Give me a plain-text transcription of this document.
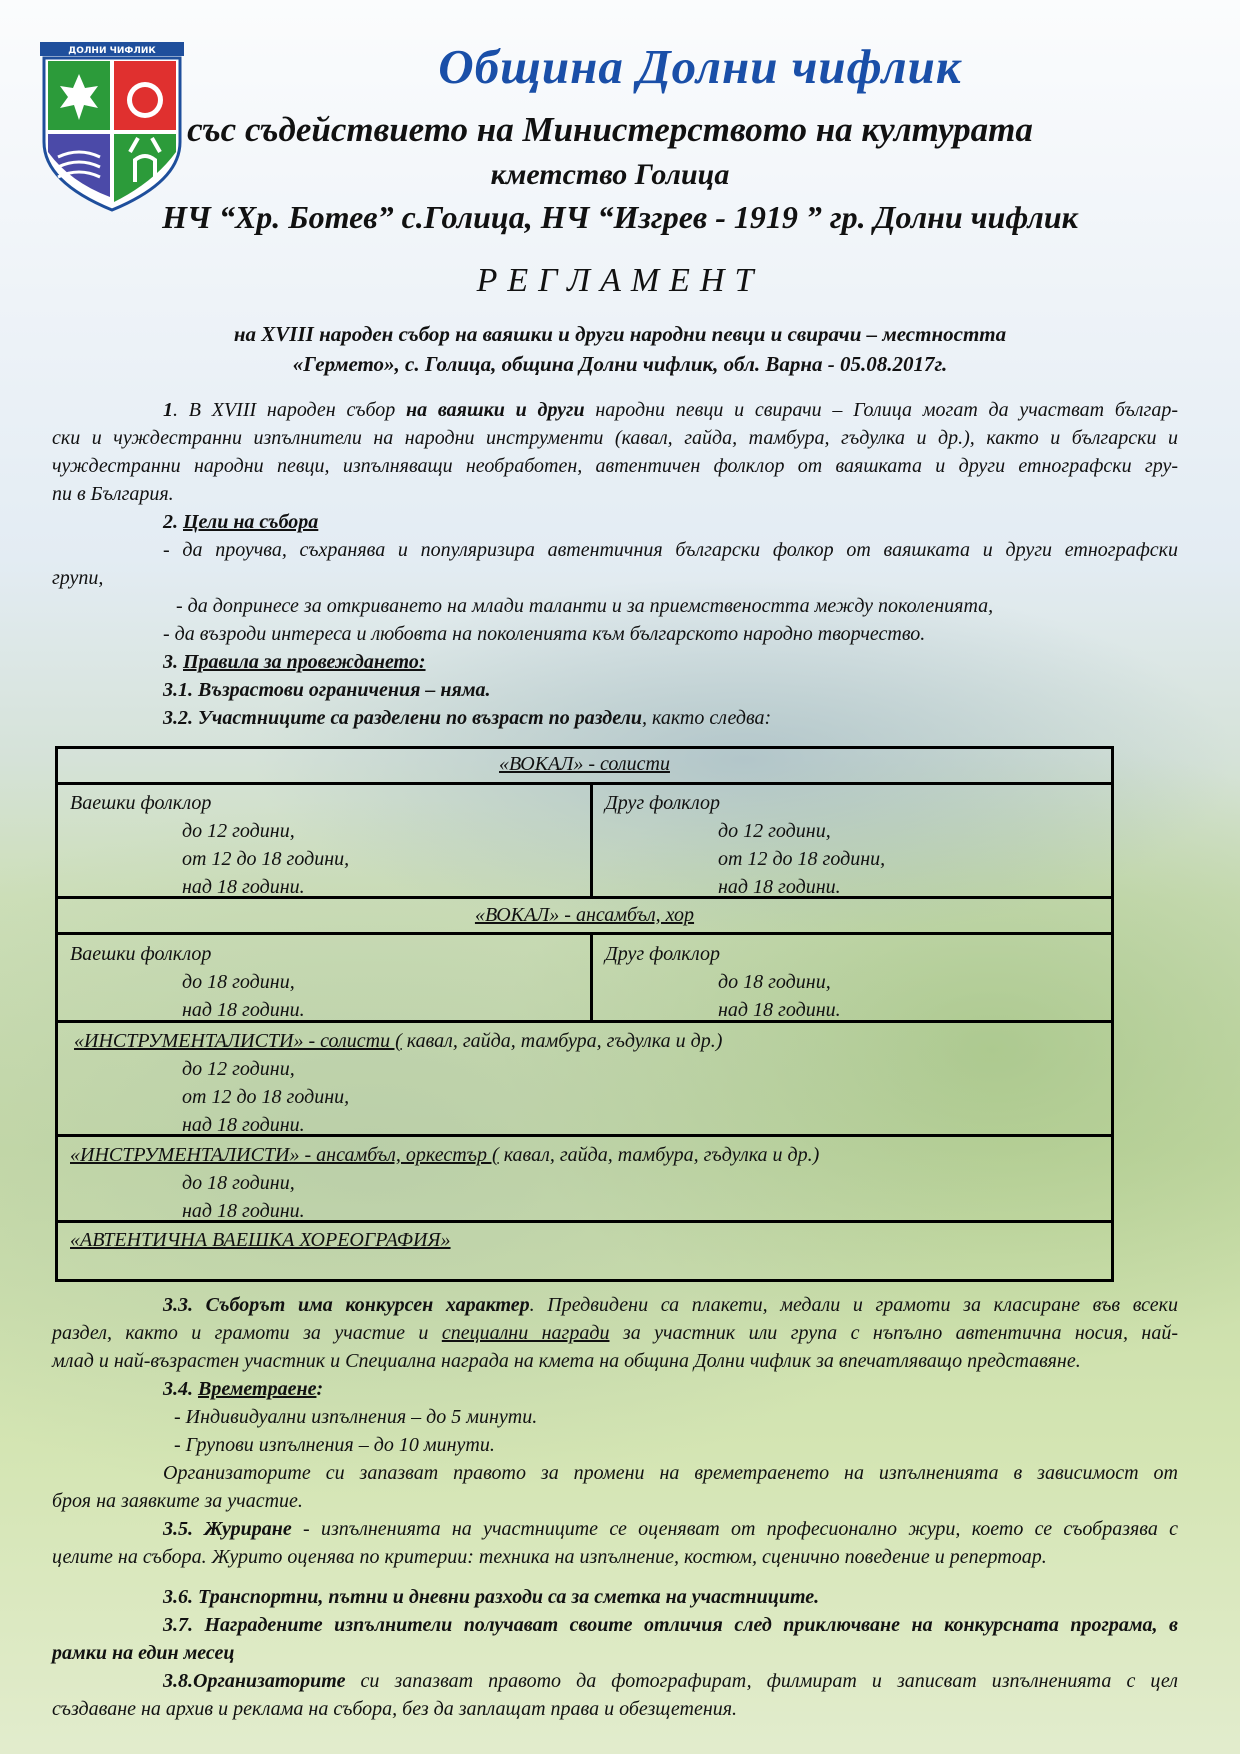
ДОЛНИ ЧИФЛИК	Община Долни чифлик
със съдействието на Министерството на културата
кметство Голица
НЧ “Хр. Ботев” с.Голица, НЧ “Изгрев - 1919 ” гр. Долни чифлик
РЕГЛАМЕНТ
на XVIII народен събор на ваяшки и други народни певци и свирачи – местността
«Гермето», с. Голица, община Долни чифлик, обл. Варна - 05.08.2017г.
1. В XVIII народен събор на ваяшки и други народни певци и свирачи – Голица могат да участват българ-
ски и чуждестранни изпълнители на народни инструменти (кавал, гайда, тамбура, гъдулка и др.), както и български и
чуждестранни народни певци, изпълняващи необработен, автентичен фолклор от ваяшката и други етнографски гру-
пи в България.
2. Цели на събора
- да проучва, съхранява и популяризира автентичния български фолкор от ваяшката и други етнографски
групи,
- да допринесе за откриването на млади таланти и за приемствеността между поколенията,
- да възроди интереса и любовта на поколенията към българското народно творчество.
3. Правила за провеждането:
3.1. Възрастови ограничения – няма.
3.2. Участниците са разделени по възраст по раздели, както следва:
«ВОКАЛ» - солисти
Ваешки фолклор
до 12 години,
от 12 до 18 години,
над 18 години.
Друг фолклор
до 12 години,
от 12 до 18 години,
над 18 години.
«ВОКАЛ» - ансамбъл, хор
Ваешки фолклор
до 18 години,
над 18 години.
Друг фолклор
до 18 години,
над 18 години.
«ИНСТРУМЕНТАЛИСТИ» - солисти ( кавал, гайда, тамбура, гъдулка и др.)
до 12 години,
от 12 до 18 години,
над 18 години.
«ИНСТРУМЕНТАЛИСТИ» - ансамбъл, оркестър ( кавал, гайда, тамбура, гъдулка и др.)
до 18 години,
над 18 години.
«АВТЕНТИЧНА ВАЕШКА ХОРЕОГРАФИЯ»
3.3. Съборът има конкурсен характер. Предвидени са плакети, медали и грамоти за класиране във всеки
раздел, както и грамоти за участие и специални награди за участник или група с нъпълно автентична носия, най-
млад и най-възрастен участник и Специална награда на кмета на община Долни чифлик за впечатляващо представяне.
3.4. Времетраене:
- Индивидуални изпълнения – до 5 минути.
- Групови изпълнения – до 10 минути.
Организаторите си запазват правото за промени на времетраенето на изпълненията в зависимост от
броя на заявките за участие.
3.5. Журиране - изпълненията на участниците се оценяват от професионално жури, което се съобразява с
целите на събора. Журито оценява по критерии: техника на изпълнение, костюм, сценично поведение и репертоар.
3.6. Транспортни, пътни и дневни разходи са за сметка на участниците.
3.7. Наградените изпълнители получават своите отличия след приключване на конкурсната програма, в
рамки на един месец
3.8.Организаторите си запазват правото да фотографират, филмират и записват изпълненията с цел
създаване на архив и реклама на събора, без да заплащат права и обезщетения.
